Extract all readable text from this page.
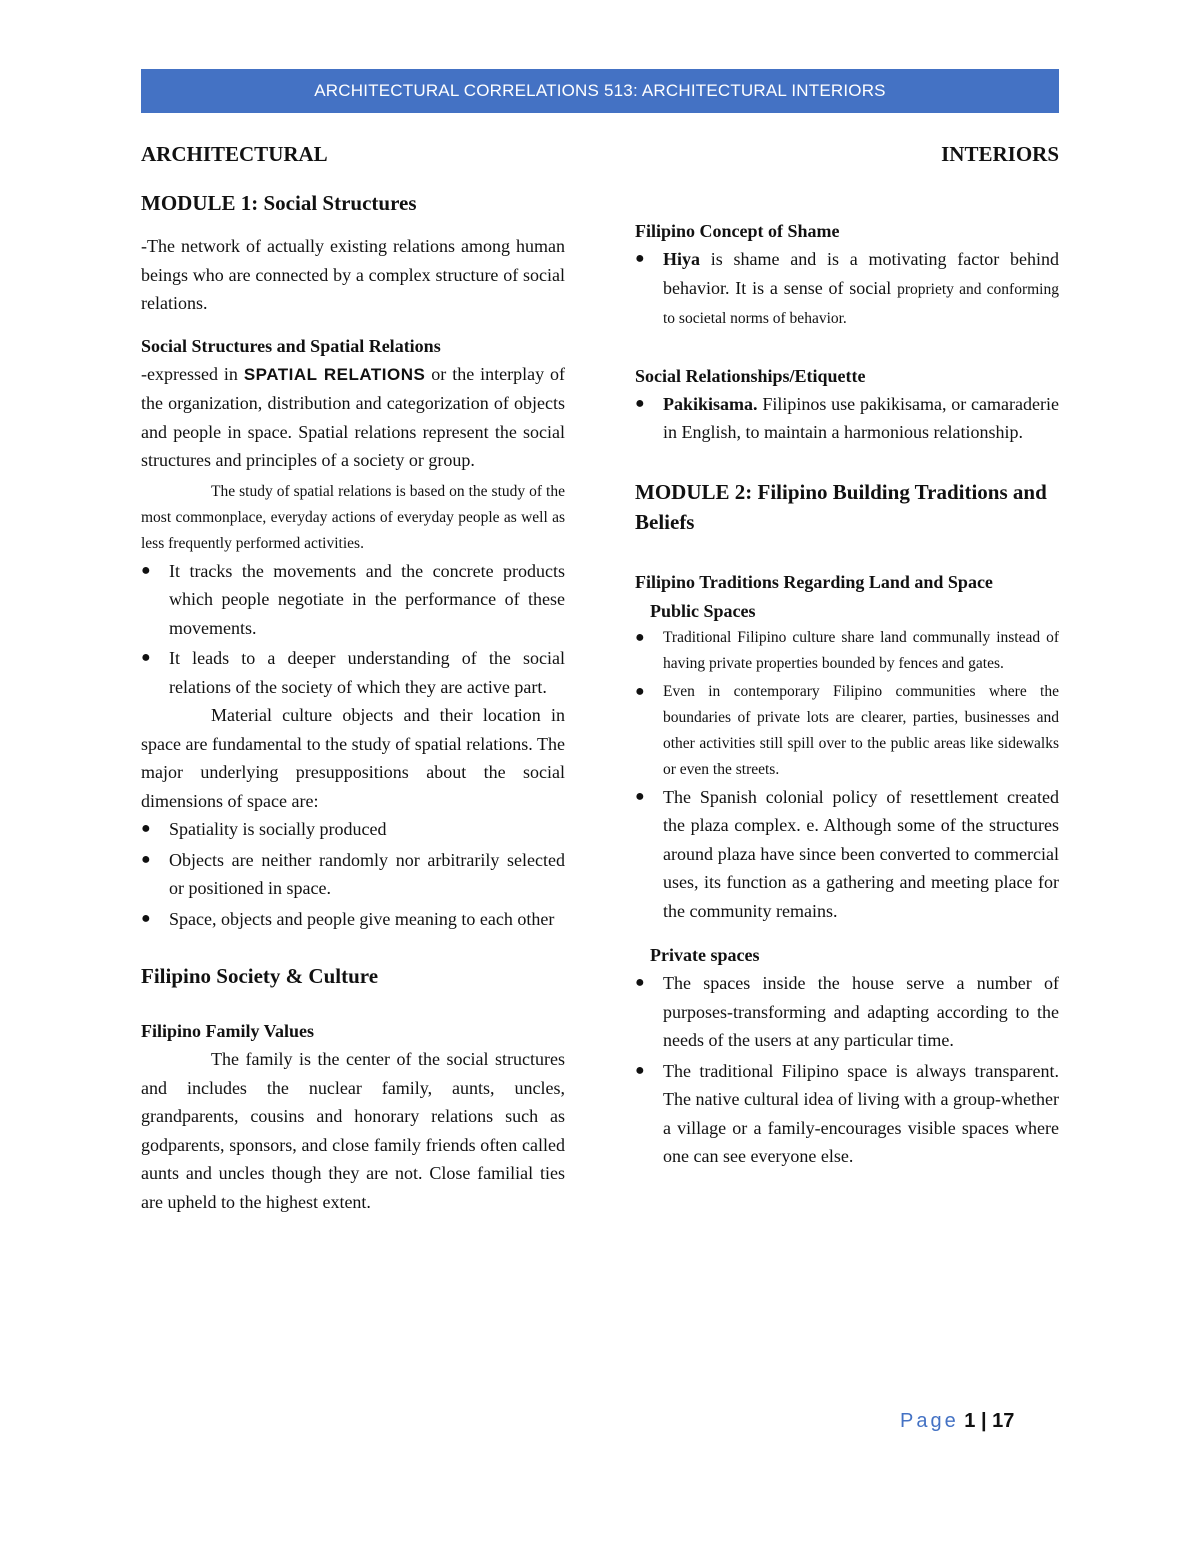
ARCHITECTURAL CORRELATIONS 513: ARCHITECTURAL INTERIORS
ARCHITECTURAL	INTERIORS
MODULE 1: Social Structures

-The network of actually existing relations among human beings who are connected by a complex structure of social relations.

Social Structures and Spatial Relations

-expressed in SPATIAL RELATIONS or the interplay of the organization, distribution and categorization of objects and people in space. Spatial relations represent the social structures and principles of a society or group.

The study of spatial relations is based on the study of the most commonplace, everyday actions of everyday people as well as less frequently performed activities.

● It tracks the movements and the concrete products which people negotiate in the performance of these movements.
● It leads to a deeper understanding of the social relations of the society of which they are active part.

Material culture objects and their location in space are fundamental to the study of spatial relations. The major underlying presuppositions about the social dimensions of space are:

● Spatiality is socially produced
● Objects are neither randomly nor arbitrarily selected or positioned in space.
● Space, objects and people give meaning to each other
Filipino Society & Culture
Filipino Family Values

The family is the center of the social structures and includes the nuclear family, aunts, uncles, grandparents, cousins and honorary relations such as godparents, sponsors, and close family friends often called aunts and uncles though they are not. Close familial ties are upheld to the highest extent.

Filipino Concept of Shame
● Hiya is shame and is a motivating factor behind behavior. It is a sense of social propriety and conforming to societal norms of behavior.
Social Relationships/Etiquette
● Pakikisama. Filipinos use pakikisama, or camaraderie in English, to maintain a harmonious relationship.
MODULE 2: Filipino Building Traditions and Beliefs

Filipino Traditions Regarding Land and Space

Public Spaces
● Traditional Filipino culture share land communally instead of having private properties bounded by fences and gates.
● Even in contemporary Filipino communities where the boundaries of private lots are clearer, parties, businesses and other activities still spill over to the public areas like sidewalks or even the streets.
● The Spanish colonial policy of resettlement created the plaza complex. e. Although some of the structures around plaza have since been converted to commercial uses, its function as a gathering and meeting place for the community remains.
Private spaces
● The spaces inside the house serve a number of purposes-transforming and adapting according to the needs of the users at any particular time.
● The traditional Filipino space is always transparent. The native cultural idea of living with a group-whether a village or a family-encourages visible spaces where one can see everyone else.
Page 1 | 17
